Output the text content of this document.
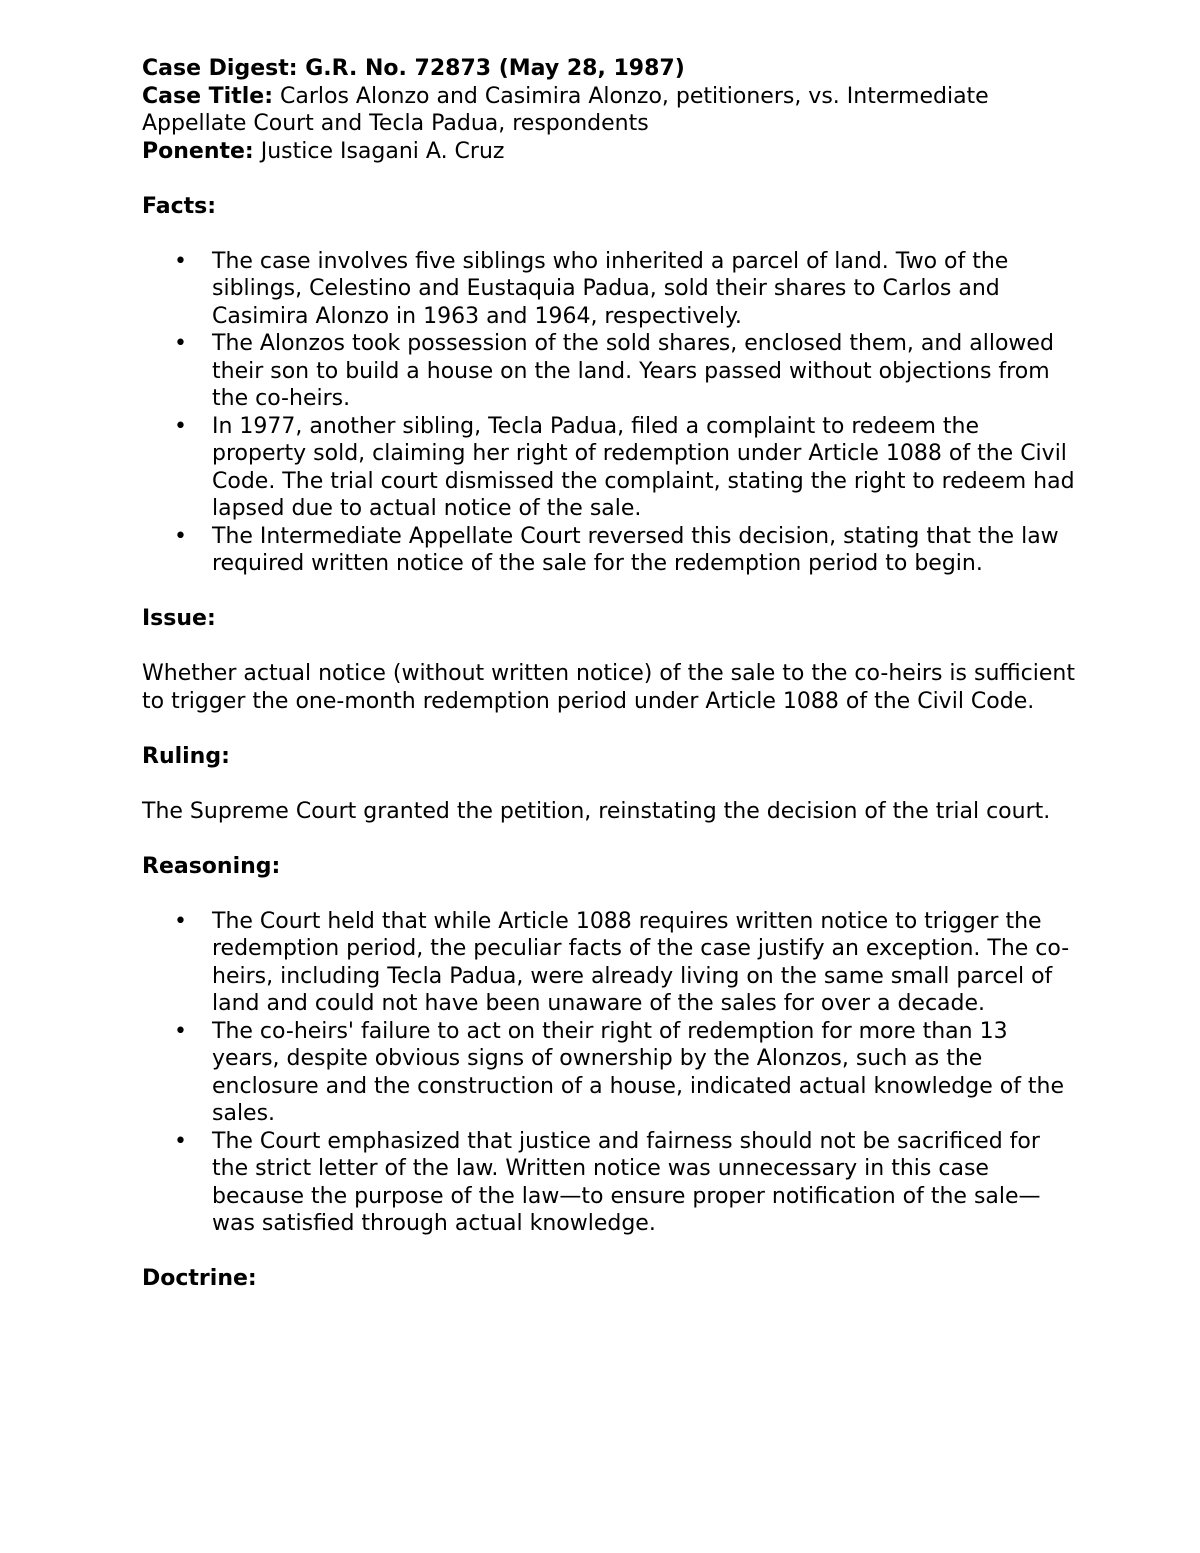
Case Digest: G.R. No. 72873 (May 28, 1987)

Case Title: Carlos Alonzo and Casimira Alonzo, petitioners, vs. Intermediate Appellate Court and Tecla Padua, respondents

Ponente: Justice Isagani A. Cruz

Facts:

•	The case involves five siblings who inherited a parcel of land. Two of the siblings, Celestino and Eustaquia Padua, sold their shares to Carlos and Casimira Alonzo in 1963 and 1964, respectively.
•	The Alonzos took possession of the sold shares, enclosed them, and allowed their son to build a house on the land. Years passed without objections from the co-heirs.
•	In 1977, another sibling, Tecla Padua, filed a complaint to redeem the property sold, claiming her right of redemption under Article 1088 of the Civil Code. The trial court dismissed the complaint, stating the right to redeem had lapsed due to actual notice of the sale.
•	The Intermediate Appellate Court reversed this decision, stating that the law required written notice of the sale for the redemption period to begin.

Issue:

Whether actual notice (without written notice) of the sale to the co-heirs is sufficient to trigger the one-month redemption period under Article 1088 of the Civil Code.

Ruling:

The Supreme Court granted the petition, reinstating the decision of the trial court.

Reasoning:

•	The Court held that while Article 1088 requires written notice to trigger the redemption period, the peculiar facts of the case justify an exception. The co-heirs, including Tecla Padua, were already living on the same small parcel of land and could not have been unaware of the sales for over a decade.
•	The co-heirs' failure to act on their right of redemption for more than 13 years, despite obvious signs of ownership by the Alonzos, such as the enclosure and the construction of a house, indicated actual knowledge of the sales.
•	The Court emphasized that justice and fairness should not be sacrificed for the strict letter of the law. Written notice was unnecessary in this case because the purpose of the law—to ensure proper notification of the sale—was satisfied through actual knowledge.

Doctrine:
